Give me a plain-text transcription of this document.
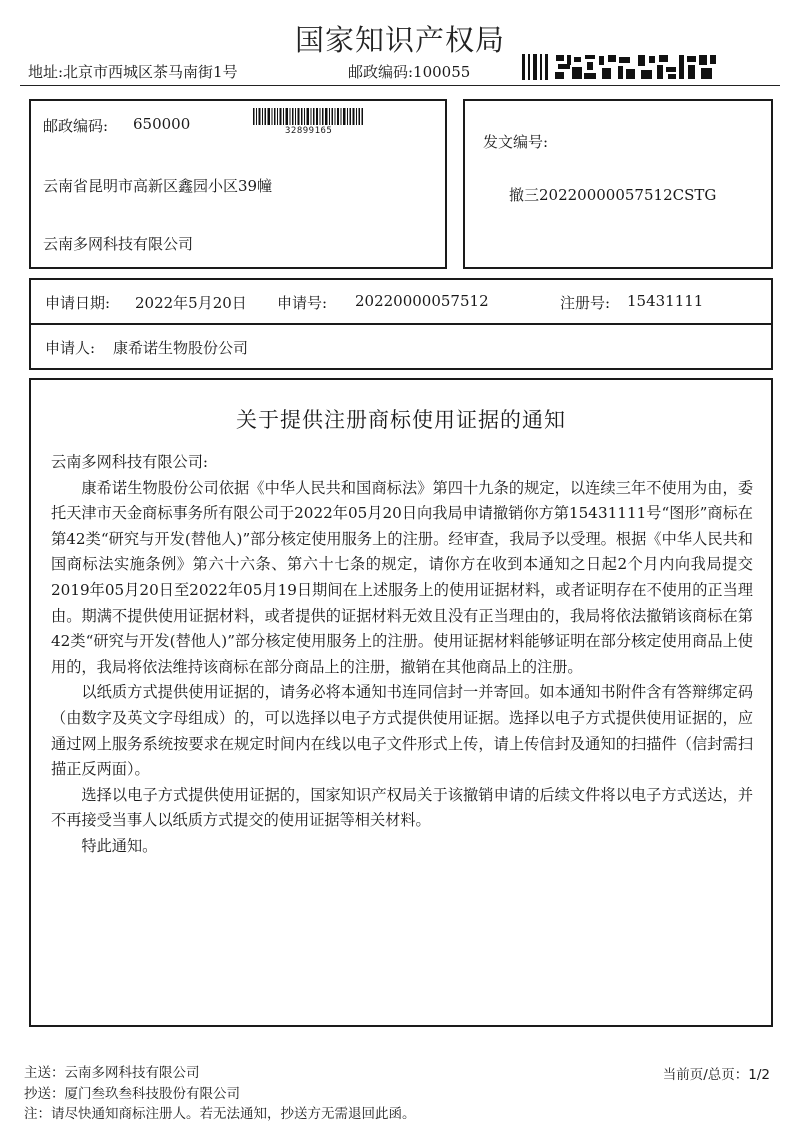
国家知识产权局
地址:北京市西城区茶马南街1号	邮政编码:100055
邮政编码: 650000
云南省昆明市高新区鑫园小区39幢
云南多网科技有限公司
32899165
发文编号:
撤三20220000057512CSTG
申请日期: 2022年5月20日 申请号: 20220000057512	注册号: 15431111
申请人: 康希诺生物股份公司
关于提供注册商标使用证据的通知

云南多网科技有限公司:

康希诺生物股份公司依据《中华人民共和国商标法》第四十九条的规定，以连续三年不使用为由，委托天津市天金商标事务所有限公司于2022年05月20日向我局申请撤销你方第15431111号“图形”商标在第42类“研究与开发(替他人)”部分核定使用服务上的注册。经审查，我局予以受理。根据《中华人民共和国商标法实施条例》第六十六条、第六十七条的规定，请你方在收到本通知之日起2个月内向我局提交2019年05月20日至2022年05月19日期间在上述服务上的使用证据材料，或者证明存在不使用的正当理由。期满不提供使用证据材料，或者提供的证据材料无效且没有正当理由的，我局将依法撤销该商标在第42类“研究与开发(替他人)”部分核定使用服务上的注册。使用证据材料能够证明在部分核定使用商品上使用的，我局将依法维持该商标在部分商品上的注册，撤销在其他商品上的注册。

以纸质方式提供使用证据的，请务必将本通知书连同信封一并寄回。如本通知书附件含有答辩绑定码（由数字及英文字母组成）的，可以选择以电子方式提供使用证据。选择以电子方式提供使用证据的，应通过网上服务系统按要求在规定时间内在线以电子文件形式上传，请上传信封及通知的扫描件（信封需扫描正反两面）。

选择以电子方式提供使用证据的，国家知识产权局关于该撤销申请的后续文件将以电子方式送达，并不再接受当事人以纸质方式提交的使用证据等相关材料。

特此通知。

主送：云南多网科技有限公司
抄送：厦门叁玖叁科技股份有限公司
注：请尽快通知商标注册人。若无法通知，抄送方无需退回此函。
当前页/总页：1/2
